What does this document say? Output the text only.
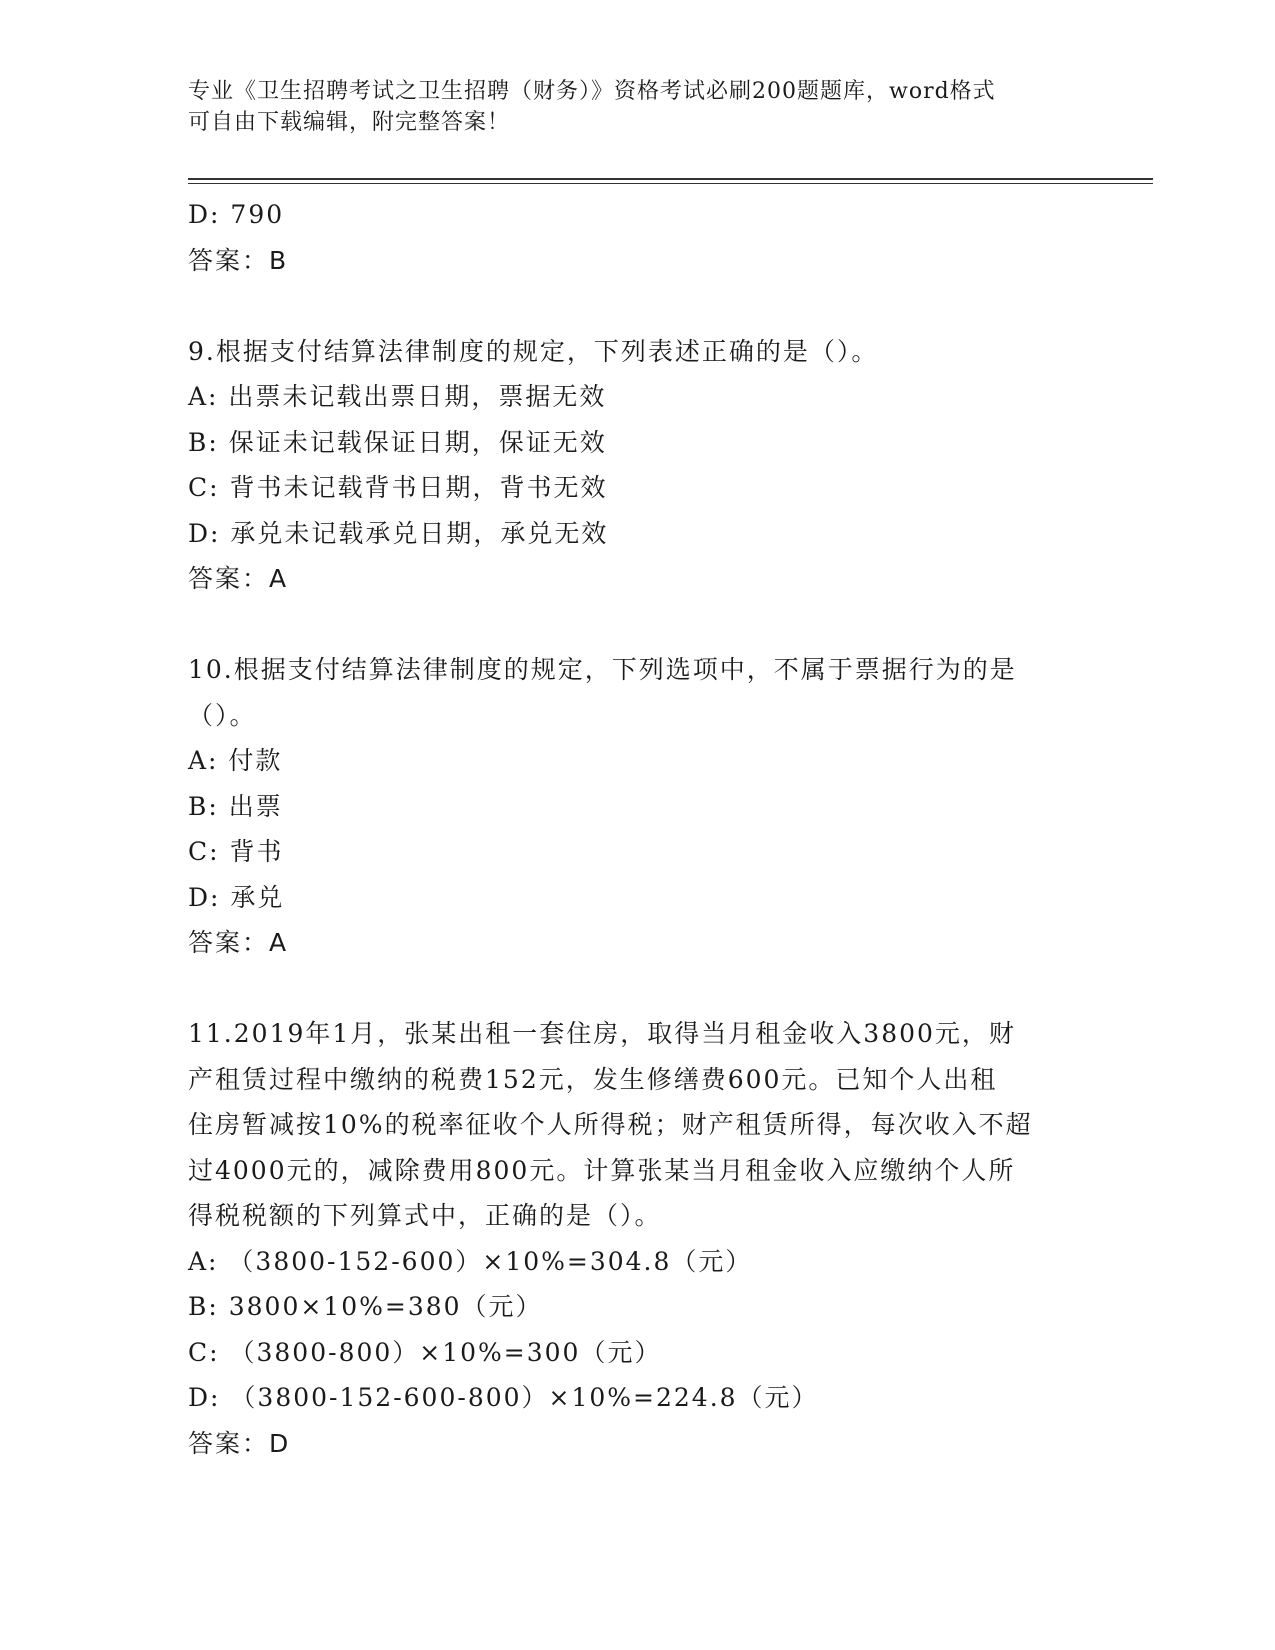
专业《卫生招聘考试之卫生招聘（财务）》资格考试必刷200题题库，word格式
可自由下载编辑，附完整答案！
D: 790
答案：B
9.根据支付结算法律制度的规定，下列表述正确的是（）。
A: 出票未记载出票日期，票据无效
B: 保证未记载保证日期，保证无效
C: 背书未记载背书日期，背书无效
D: 承兑未记载承兑日期，承兑无效
答案：A
10.根据支付结算法律制度的规定，下列选项中，不属于票据行为的是
（）。
A: 付款
B: 出票
C: 背书
D: 承兑
答案：A
11.2019年1月，张某出租一套住房，取得当月租金收入3800元，财
产租赁过程中缴纳的税费152元，发生修缮费600元。已知个人出租
住房暂减按10%的税率征收个人所得税；财产租赁所得，每次收入不超
过4000元的，减除费用800元。计算张某当月租金收入应缴纳个人所
得税税额的下列算式中，正确的是（）。
A: （3800-152-600）×10%=304.8（元）
B: 3800×10%=380（元）
C: （3800-800）×10%=300（元）
D: （3800-152-600-800）×10%=224.8（元）
答案：D
